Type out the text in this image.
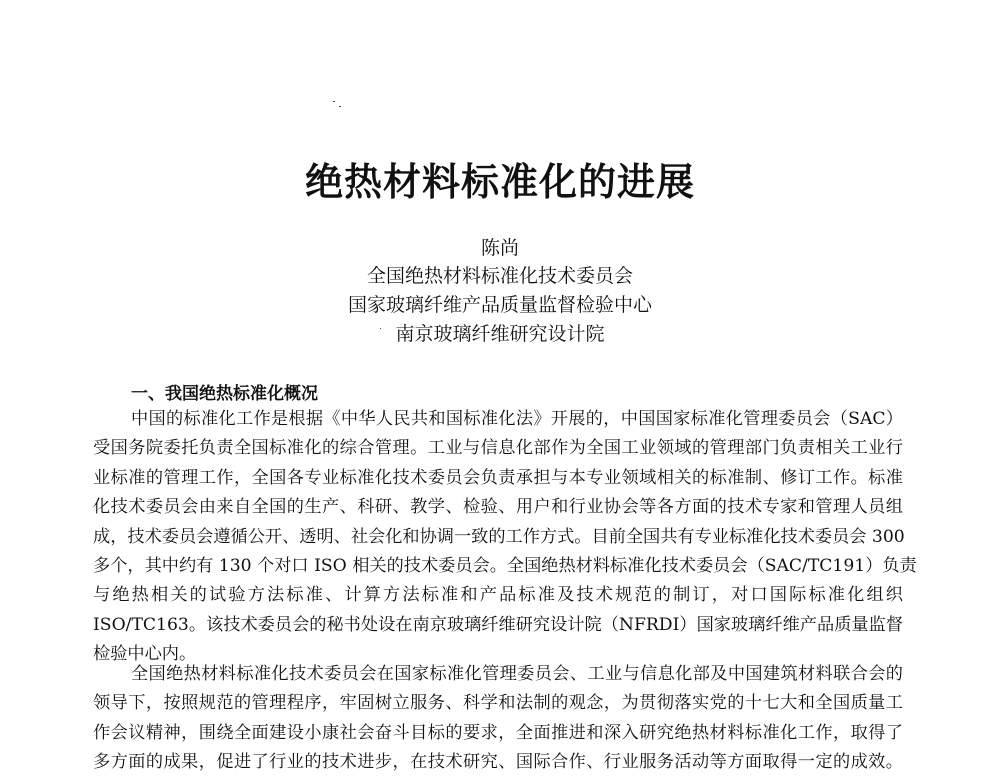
绝热材料标准化的进展
陈尚
全国绝热材料标准化技术委员会
国家玻璃纤维产品质量监督检验中心
南京玻璃纤维研究设计院
一、我国绝热标准化概况
中国的标准化工作是根据《中华人民共和国标准化法》开展的，中国国家标准化管理委员会（SAC）
受国务院委托负责全国标准化的综合管理。工业与信息化部作为全国工业领域的管理部门负责相关工业行
业标准的管理工作，全国各专业标准化技术委员会负责承担与本专业领域相关的标准制、修订工作。标准
化技术委员会由来自全国的生产、科研、教学、检验、用户和行业协会等各方面的技术专家和管理人员组
成，技术委员会遵循公开、透明、社会化和协调一致的工作方式。目前全国共有专业标准化技术委员会 300
多个，其中约有 130 个对口 ISO 相关的技术委员会。全国绝热材料标准化技术委员会（SAC/TC191）负责
与绝热相关的试验方法标准、计算方法标准和产品标准及技术规范的制订，对口国际标准化组织
ISO/TC163。该技术委员会的秘书处设在南京玻璃纤维研究设计院（NFRDI）国家玻璃纤维产品质量监督
检验中心内。
全国绝热材料标准化技术委员会在国家标准化管理委员会、工业与信息化部及中国建筑材料联合会的
领导下，按照规范的管理程序，牢固树立服务、科学和法制的观念，为贯彻落实党的十七大和全国质量工
作会议精神，围绕全面建设小康社会奋斗目标的要求，全面推进和深入研究绝热材料标准化工作，取得了
多方面的成果，促进了行业的技术进步，在技术研究、国际合作、行业服务活动等方面取得一定的成效。
